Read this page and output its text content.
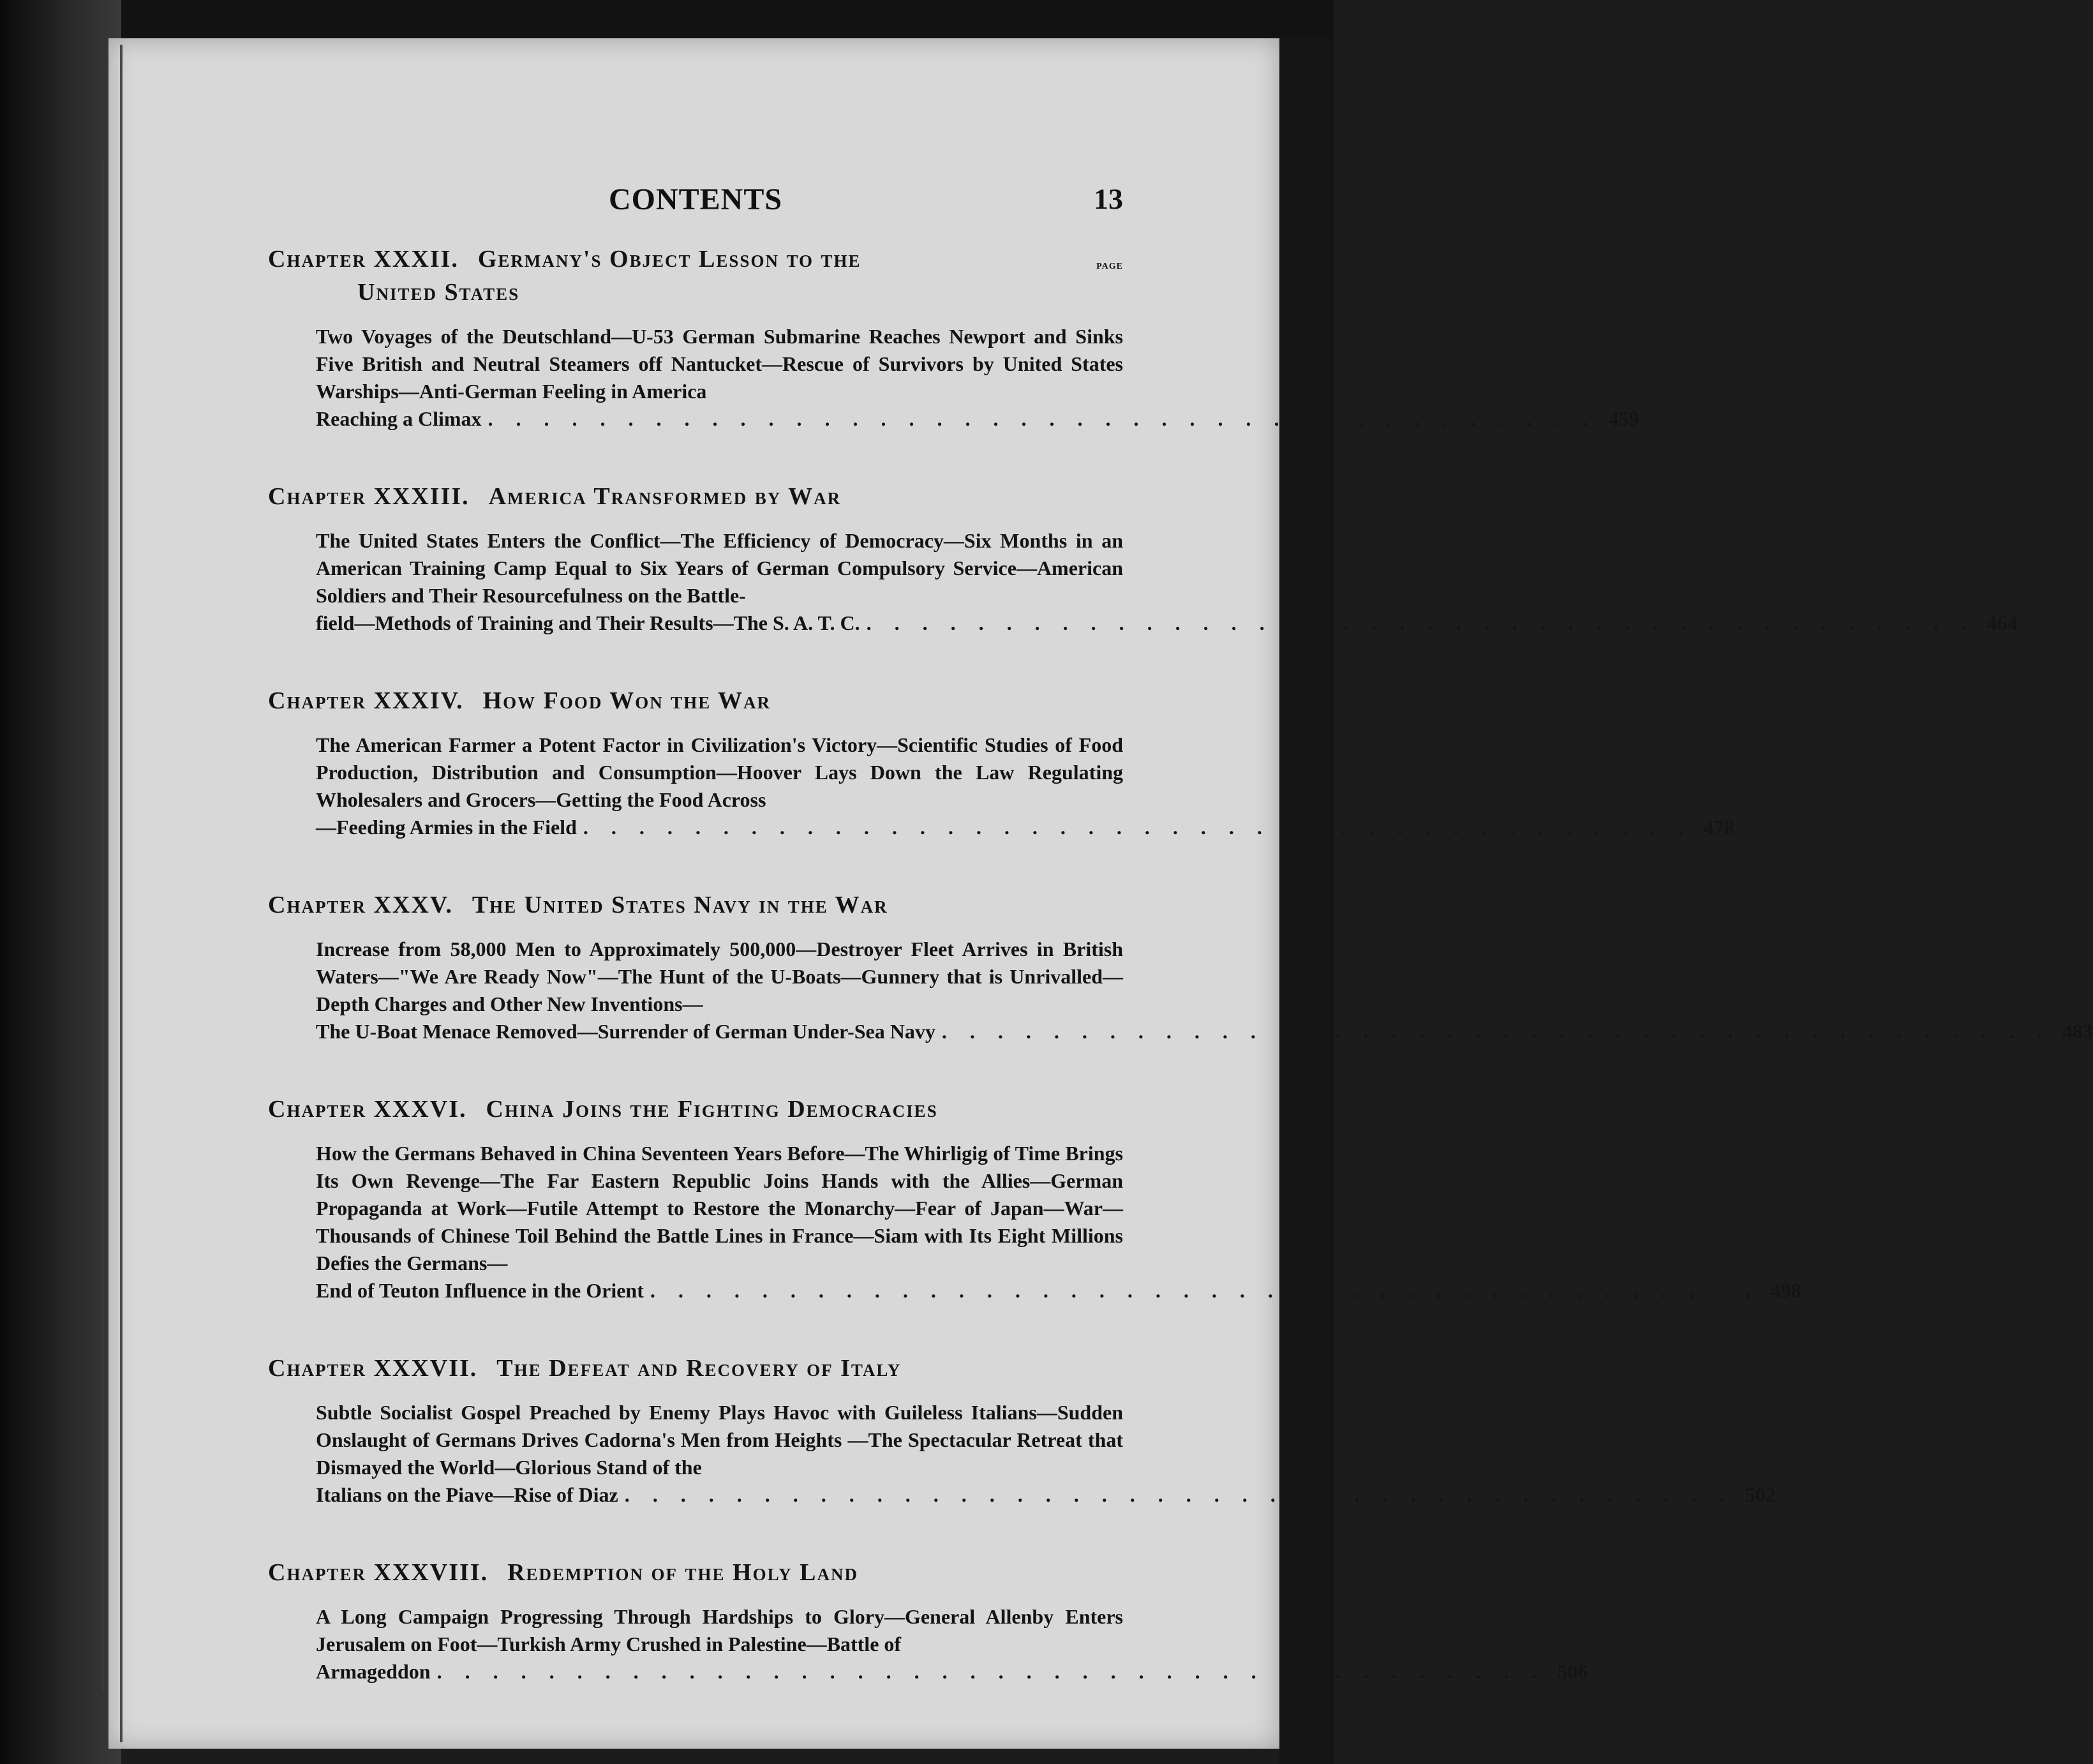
CONTENTS	13
Chapter XXXII. Germany's Object Lesson to the
United States
PAGE
Two Voyages of the Deutschland—U-53 German Submarine Reaches Newport and Sinks Five British and Neutral Steamers off Nantucket—Rescue of Survivors by United States Warships—Anti-German Feeling in America
Reaching a Climax . . . . . . . . . . . . . . . . . . . . . . . . . . . . . . . . . . . . . . . . 459
Chapter XXXIII. America Transformed by War
The United States Enters the Conflict—The Efficiency of Democracy—Six Months in an American Training Camp Equal to Six Years of German Compulsory Service—American Soldiers and Their Resourcefulness on the Battle-
field—Methods of Training and Their Results—The S. A. T. C. . . . . . . . . . . . . . . . . . . . . . . . . . . . . . . . . . . . . . . . . 464
Chapter XXXIV. How Food Won the War
The American Farmer a Potent Factor in Civilization's Victory—Scientific Studies of Food Production, Distribution and Consumption—Hoover Lays Down the Law Regulating Wholesalers and Grocers—Getting the Food Across
—Feeding Armies in the Field . . . . . . . . . . . . . . . . . . . . . . . . . . . . . . . . . . . . . . . . 478
Chapter XXXV. The United States Navy in the War
Increase from 58,000 Men to Approximately 500,000—Destroyer Fleet Arrives in British Waters—"We Are Ready Now"—The Hunt of the U-Boats—Gunnery that is Unrivalled—Depth Charges and Other New Inventions—
The U-Boat Menace Removed—Surrender of German Under-Sea Navy . . . . . . . . . . . . . . . . . . . . . . . . . . . . . . . . . . . . . . . . 483
Chapter XXXVI. China Joins the Fighting Democracies
How the Germans Behaved in China Seventeen Years Before—The Whirligig of Time Brings Its Own Revenge—The Far Eastern Republic Joins Hands with the Allies—German Propaganda at Work—Futile Attempt to Restore the Monarchy—Fear of Japan—War—Thousands of Chinese Toil Behind the Battle Lines in France—Siam with Its Eight Millions Defies the Germans—
End of Teuton Influence in the Orient . . . . . . . . . . . . . . . . . . . . . . . . . . . . . . . . . . . . . . . . 498
Chapter XXXVII. The Defeat and Recovery of Italy
Subtle Socialist Gospel Preached by Enemy Plays Havoc with Guileless Italians—Sudden Onslaught of Germans Drives Cadorna's Men from Heights —The Spectacular Retreat that Dismayed the World—Glorious Stand of the
Italians on the Piave—Rise of Diaz . . . . . . . . . . . . . . . . . . . . . . . . . . . . . . . . . . . . . . . . 502
Chapter XXXVIII. Redemption of the Holy Land
A Long Campaign Progressing Through Hardships to Glory—General Allenby Enters Jerusalem on Foot—Turkish Army Crushed in Palestine—Battle of
Armageddon . . . . . . . . . . . . . . . . . . . . . . . . . . . . . . . . . . . . . . . . 506
